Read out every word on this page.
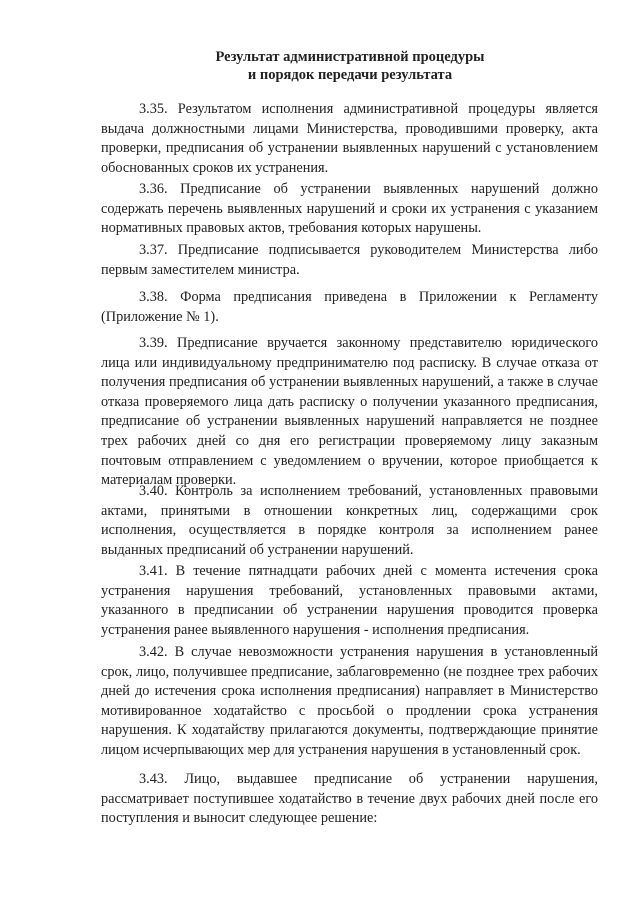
Результат административной процедуры
и порядок передачи результата

3.35. Результатом исполнения административной процедуры является выдача должностными лицами Министерства, проводившими проверку, акта проверки, предписания об устранении выявленных нарушений с установлением обоснованных сроков их устранения.

3.36. Предписание об устранении выявленных нарушений должно содержать перечень выявленных нарушений и сроки их устранения с указанием нормативных правовых актов, требования которых нарушены.

3.37. Предписание подписывается руководителем Министерства либо первым заместителем министра.

3.38. Форма предписания приведена в Приложении к Регламенту (Приложение № 1).

3.39. Предписание вручается законному представителю юридического лица или индивидуальному предпринимателю под расписку. В случае отказа от получения предписания об устранении выявленных нарушений, а также в случае отказа проверяемого лица дать расписку о получении указанного предписания, предписание об устранении выявленных нарушений направляется не позднее трех рабочих дней со дня его регистрации проверяемому лицу заказным почтовым отправлением с уведомлением о вручении, которое приобщается к материалам проверки.

3.40. Контроль за исполнением требований, установленных правовыми актами, принятыми в отношении конкретных лиц, содержащими срок исполнения, осуществляется в порядке контроля за исполнением ранее выданных предписаний об устранении нарушений.

3.41. В течение пятнадцати рабочих дней с момента истечения срока устранения нарушения требований, установленных правовыми актами, указанного в предписании об устранении нарушения проводится проверка устранения ранее выявленного нарушения - исполнения предписания.

3.42. В случае невозможности устранения нарушения в установленный срок, лицо, получившее предписание, заблаговременно (не позднее трех рабочих дней до истечения срока исполнения предписания) направляет в Министерство мотивированное ходатайство с просьбой о продлении срока устранения нарушения. К ходатайству прилагаются документы, подтверждающие принятие лицом исчерпывающих мер для устранения нарушения в установленный срок.

3.43. Лицо, выдавшее предписание об устранении нарушения, рассматривает поступившее ходатайство в течение двух рабочих дней после его поступления и выносит следующее решение:
